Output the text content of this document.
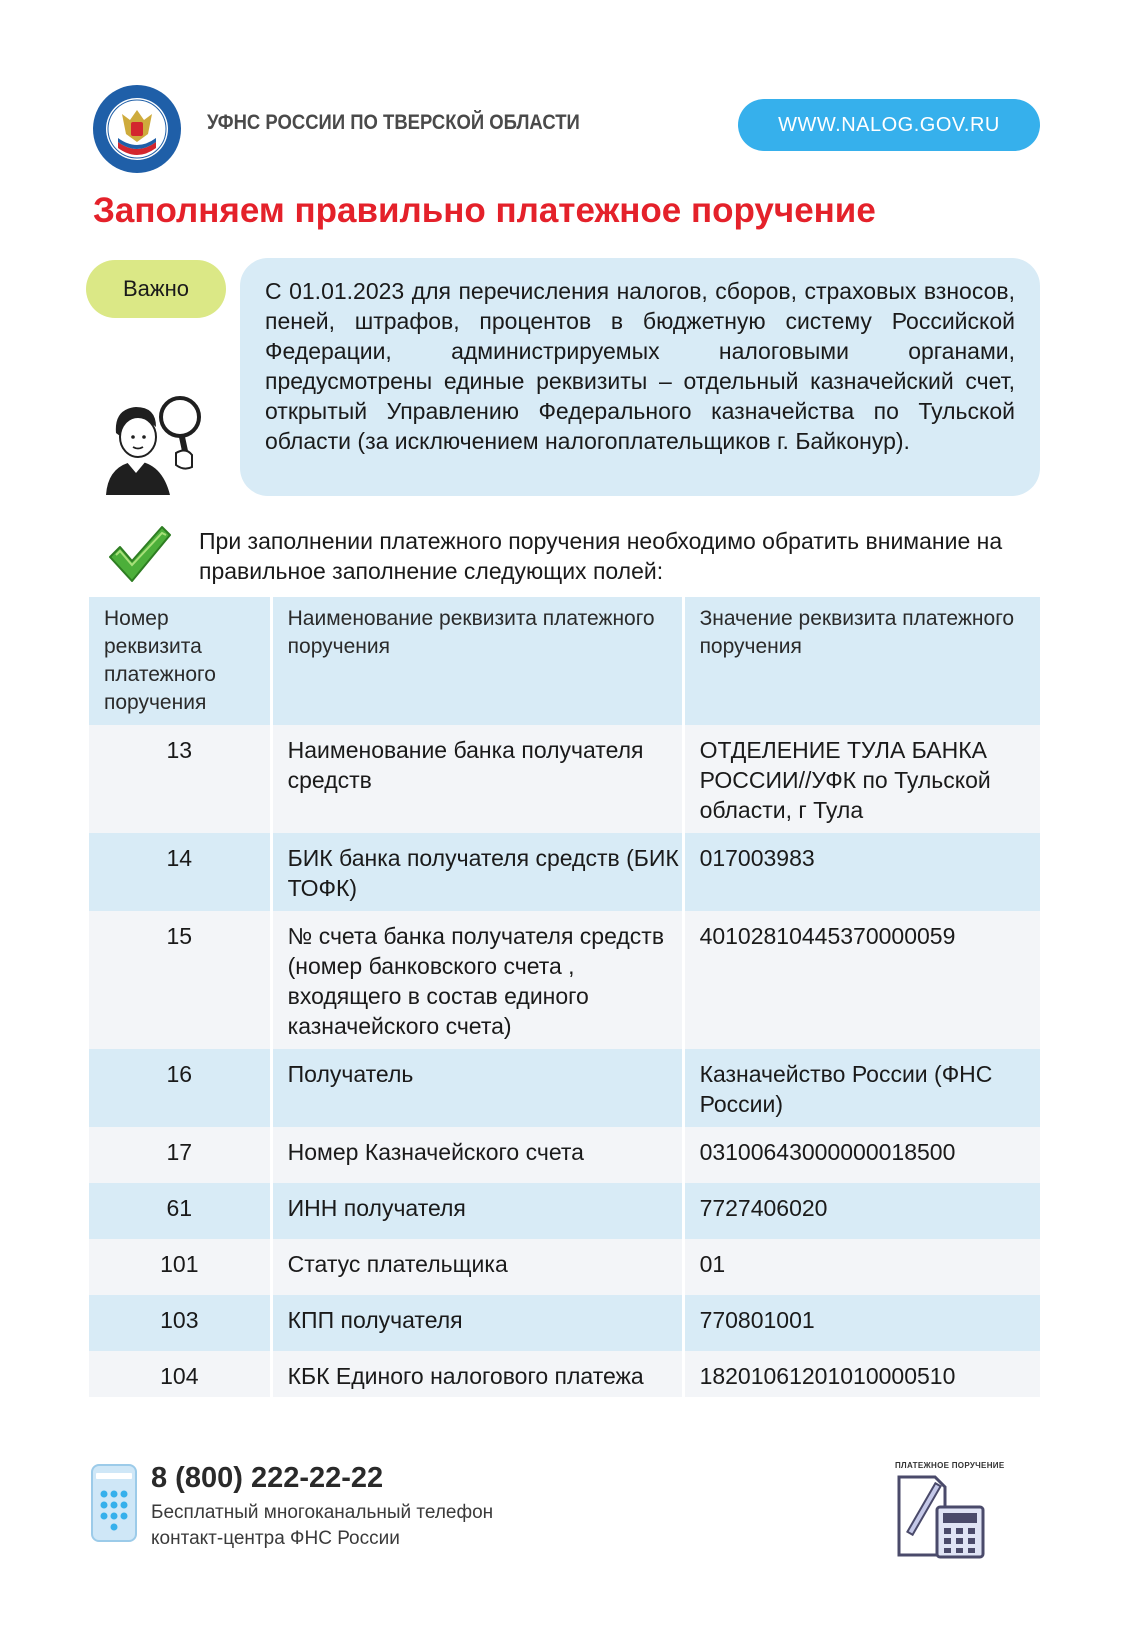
УФНС РОССИИ ПО ТВЕРСКОЙ ОБЛАСТИ	WWW.NALOG.GOV.RU
Заполняем правильно платежное поручение
Важно	С 01.01.2023 для перечисления налогов, сборов, страховых взносов, пеней, штрафов, процентов в бюджетную систему Российской Федерации, администрируемых налоговыми органами, предусмотрены единые реквизиты – отдельный казначейский счет, открытый Управлению Федерального казначейства по Тульской области (за исключением налогоплательщиков г. Байконур).
При заполнении платежного поручения необходимо обратить внимание на правильное заполнение следующих полей:
Номер реквизита платежного поручения	Наименование реквизита платежного поручения	Значение реквизита платежного поручения
13	Наименование банка получателя средств	ОТДЕЛЕНИЕ ТУЛА БАНКА РОССИИ//УФК по Тульской области, г Тула
14	БИК банка получателя средств (БИК ТОФК)	017003983
15	№ счета банка получателя средств (номер банковского счета , входящего в состав единого казначейского счета)	40102810445370000059
16	Получатель	Казначейство России (ФНС России)
17	Номер Казначейского счета	03100643000000018500
61	ИНН получателя	7727406020
101	Статус плательщика	01
103	КПП получателя	770801001
104	КБК Единого налогового платежа	18201061201010000510
8 (800) 222-22-22
Бесплатный многоканальный телефон
контакт-центра ФНС России
ПЛАТЕЖНОЕ ПОРУЧЕНИЕ
